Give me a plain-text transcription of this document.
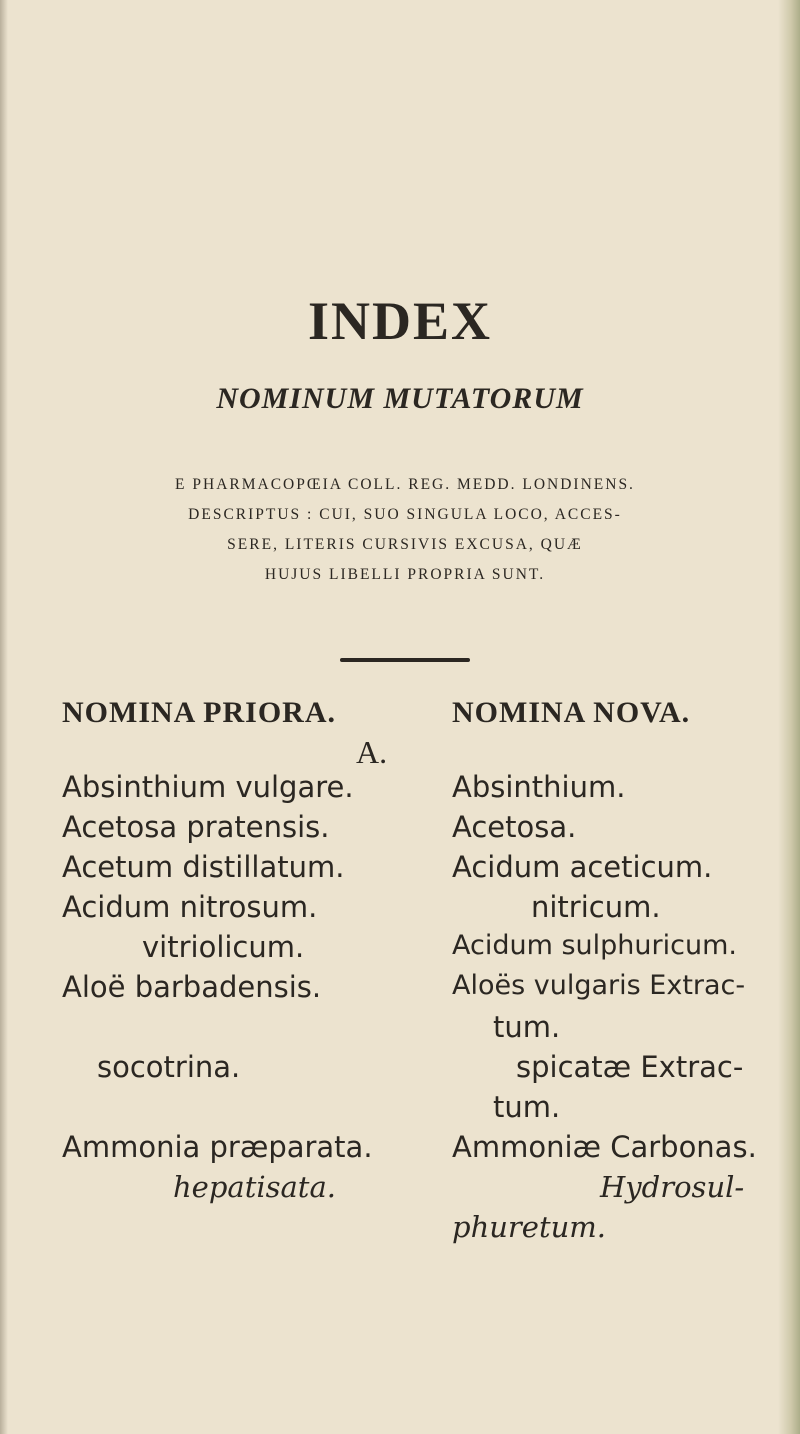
INDEX
NOMINUM MUTATORUM
E PHARMACOPŒIA COLL. REG. MEDD. LONDINENS.
DESCRIPTUS : CUI, SUO SINGULA LOCO, ACCES-
SERE, LITERIS CURSIVIS EXCUSA, QUÆ
HUJUS LIBELLI PROPRIA SUNT.
NOMINA PRIORA.	NOMINA NOVA.
A.
Absinthium vulgare.
Acetosa pratensis.
Acetum distillatum.
Acidum nitrosum.
vitriolicum.
Aloë barbadensis.
socotrina.
Ammonia præparata.
hepatisata.
Absinthium.
Acetosa.
Acidum aceticum.
nitricum.
Acidum sulphuricum.
Aloës vulgaris Extrac-
tum.
spicatæ Extrac-
tum.
Ammoniæ Carbonas.
Hydrosul-
phuretum.
